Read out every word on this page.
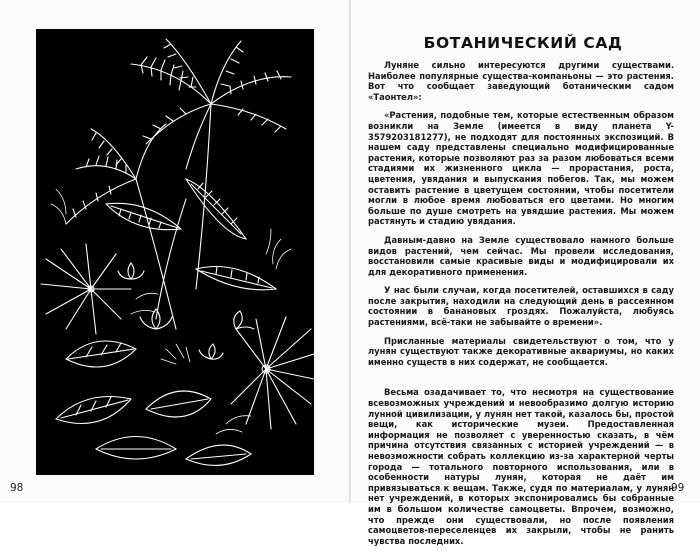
98
БОТАНИЧЕСКИЙ САД

Луняне сильно интересуются другими существами. Наиболее популярные существа-компаньоны — это растения. Вот что сообщает заведующий ботаническим садом «Таонтел»:

«Растения, подобные тем, которые естественным образом возникли на Земле (имеется в виду планета Y-3579203181277), не подходят для постоянных экспозиций. В нашем саду представлены специально модифицированные растения, которые позволяют раз за разом любоваться всеми стадиями их жизненного цикла — прорастания, роста, цветения, увядания и выпускания побегов. Так, мы можем оставить растение в цветущем состоянии, чтобы посетители могли в любое время любоваться его цветами. Но многим больше по душе смотреть на увядшие растения. Мы можем растянуть и стадию увядания.

Давным-давно на Земле существовало намного больше видов растений, чем сейчас. Мы провели исследования, восстановили самые красивые виды и модифицировали их для декоративного применения.

У нас были случаи, когда посетителей, оставшихся в саду после закрытия, находили на следующий день в рассеянном состоянии в банановых гроздях. Пожалуйста, любуясь растениями, всё-таки не забывайте о времени».

Присланные материалы свидетельствуют о том, что у лунян существуют также декоративные аквариумы, но каких именно существ в них содержат, не сообщается.

Весьма озадачивает то, что несмотря на существование всевозможных учреждений и невообразимо долгую историю лунной цивилизации, у лунян нет такой, казалось бы, простой вещи, как исторические музеи. Предоставленная информация не позволяет с уверенностью сказать, в чём причина отсутствия связанных с историей учреждений — в невозможности собрать коллекцию из-за характерной черты города — тотального повторного использования, или в особенности натуры лунян, которая не даёт им привязываться к вещам. Также, судя по материалам, у лунян нет учреждений, в которых экспонировались бы собранные им в большом количестве самоцветы. Впрочем, возможно, что прежде они существовали, но после появления самоцветов-переселенцев их закрыли, чтобы не ранить чувства последних.

99
